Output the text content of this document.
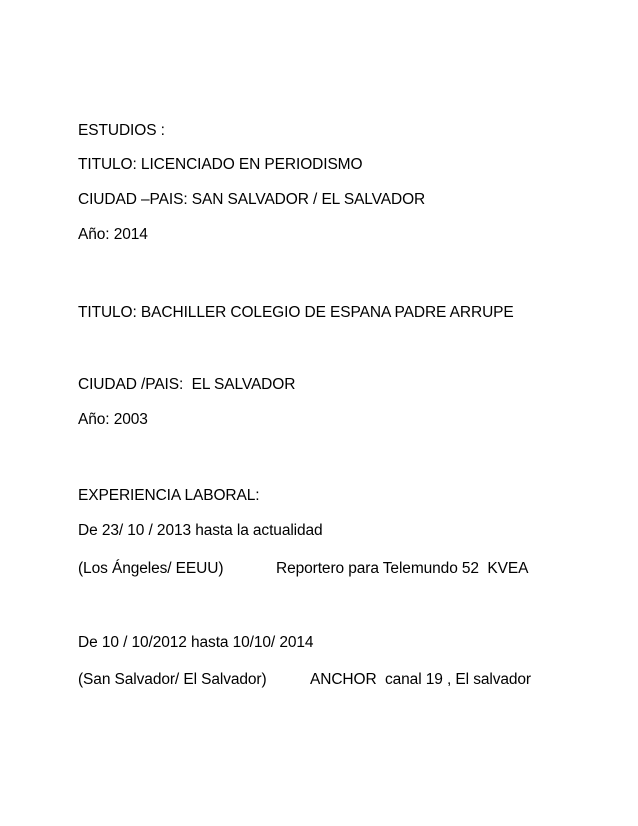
ESTUDIOS :
TITULO: LICENCIADO EN PERIODISMO
CIUDAD –PAIS: SAN SALVADOR / EL SALVADOR
Año: 2014
TITULO: BACHILLER COLEGIO DE ESPANA PADRE ARRUPE
CIUDAD /PAIS:  EL SALVADOR
Año: 2003
EXPERIENCIA LABORAL:
De 23/ 10 / 2013 hasta la actualidad
(Los Ángeles/ EEUU)	Reportero para Telemundo 52  KVEA
De 10 / 10/2012 hasta 10/10/ 2014
(San Salvador/ El Salvador)	ANCHOR  canal 19 , El salvador
